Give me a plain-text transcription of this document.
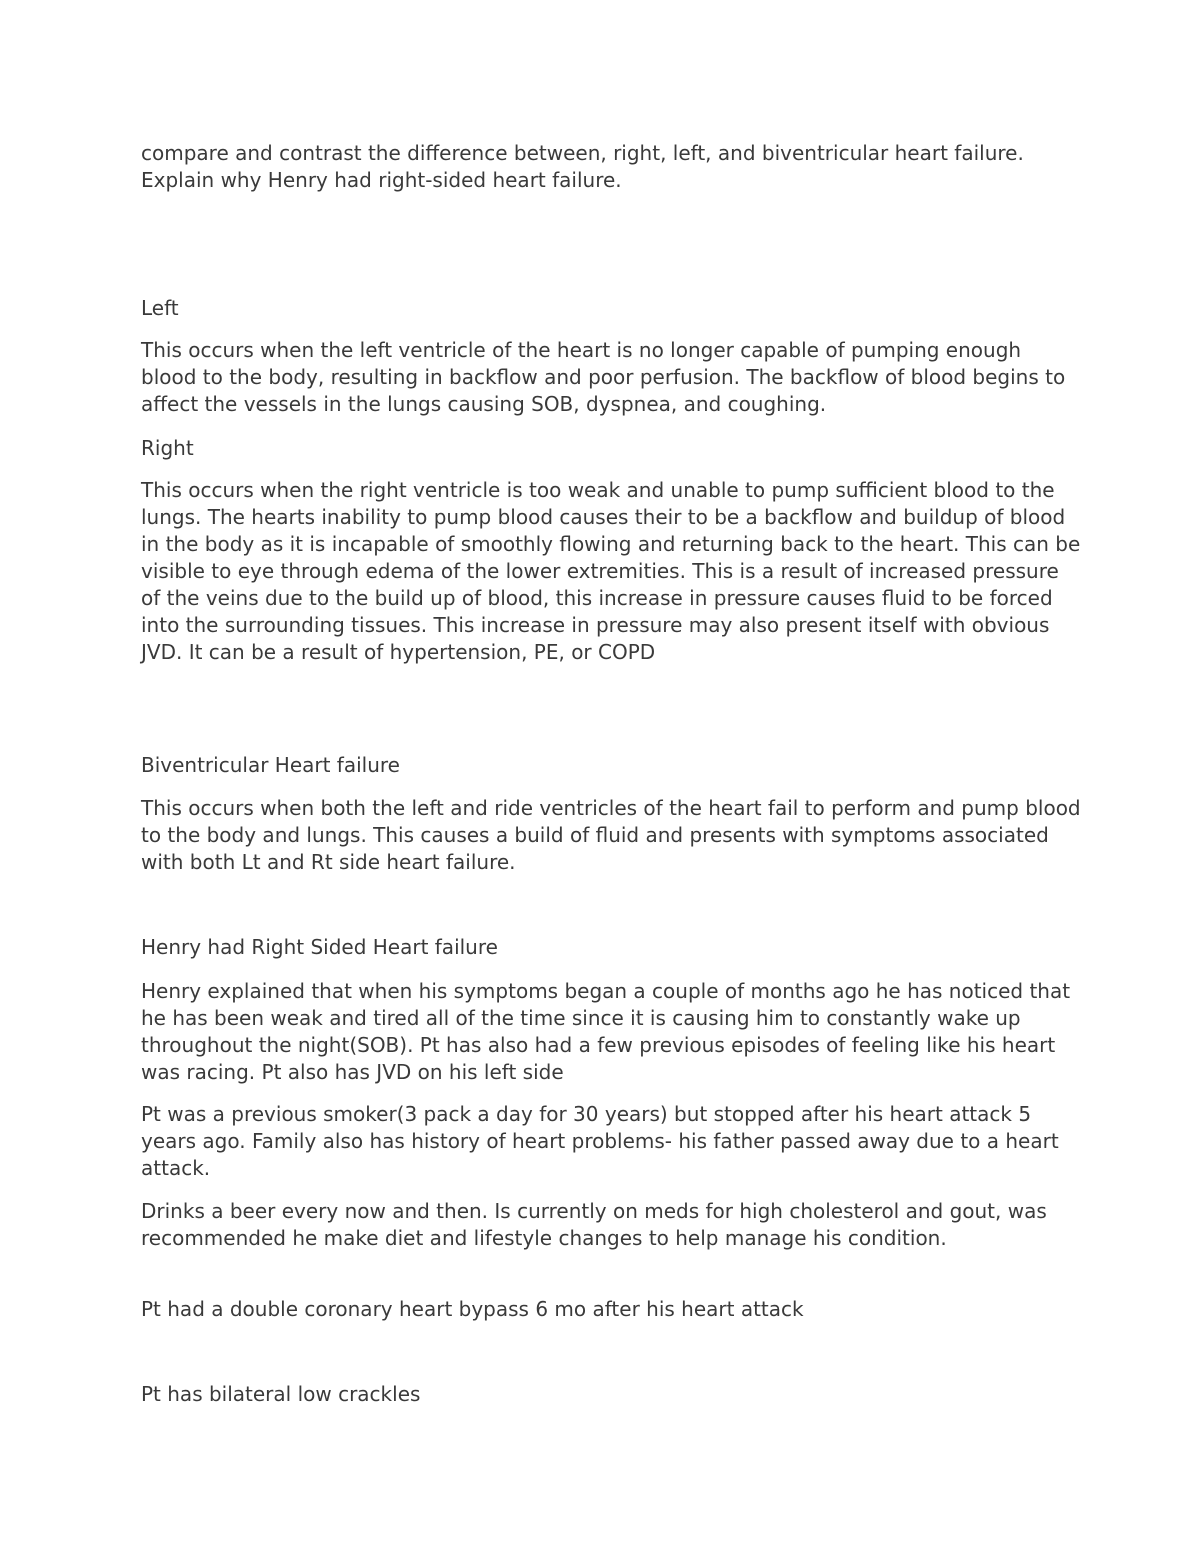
compare and contrast the difference between, right, left, and biventricular heart failure. Explain why Henry had right-sided heart failure.

Left

This occurs when the left ventricle of the heart is no longer capable of pumping enough blood to the body, resulting in backflow and poor perfusion. The backflow of blood begins to affect the vessels in the lungs causing SOB, dyspnea, and coughing.

Right

This occurs when the right ventricle is too weak and unable to pump sufficient blood to the lungs. The hearts inability to pump blood causes their to be a backflow and buildup of blood in the body as it is incapable of smoothly flowing and returning back to the heart. This can be visible to eye through edema of the lower extremities. This is a result of increased pressure of the veins due to the build up of blood, this increase in pressure causes fluid to be forced into the surrounding tissues. This increase in pressure may also present itself with obvious JVD. It can be a result of hypertension, PE, or COPD

Biventricular Heart failure

This occurs when both the left and ride ventricles of the heart fail to perform and pump blood to the body and lungs. This causes a build of fluid and presents with symptoms associated with both Lt and Rt side heart failure.

Henry had Right Sided Heart failure

Henry explained that when his symptoms began a couple of months ago he has noticed that he has been weak and tired all of the time since it is causing him to constantly wake up throughout the night(SOB). Pt has also had a few previous episodes of feeling like his heart was racing. Pt also has JVD on his left side

Pt was a previous smoker(3 pack a day for 30 years) but stopped after his heart attack 5 years ago. Family also has history of heart problems- his father passed away due to a heart attack.

Drinks a beer every now and then. Is currently on meds for high cholesterol and gout, was recommended he make diet and lifestyle changes to help manage his condition.

Pt had a double coronary heart bypass 6 mo after his heart attack

Pt has bilateral low crackles
